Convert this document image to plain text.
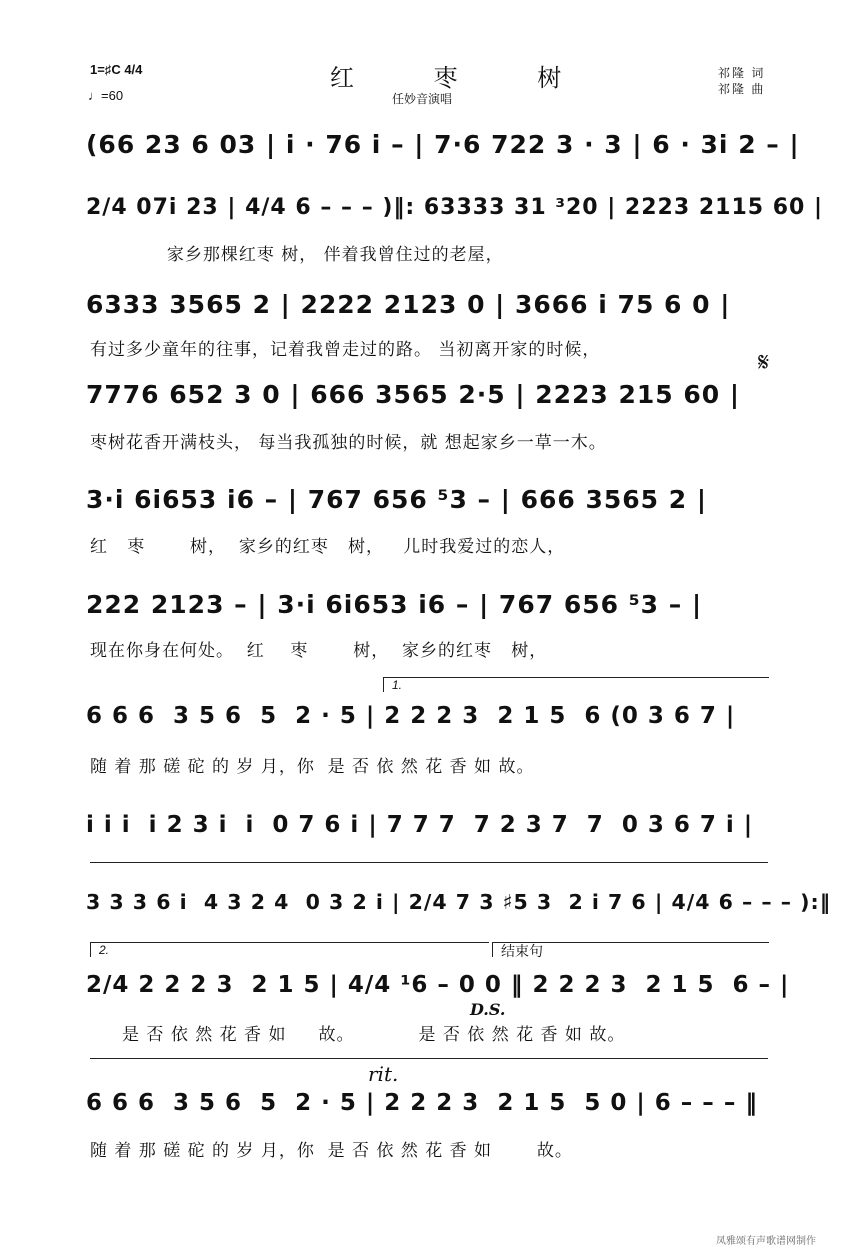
1=♯C 4/4
♩=60
红 枣 树
任妙音演唱
祁隆 词
祁隆 曲
(66 23 6 03 | i · 76 i – | 7·6 722 3 · 3 | 6 · 3i 2 – |
2/4 07i 23 | 4/4 6 – – – )‖: 63333 31 ³20 | 2223 2115 60 |
家乡那棵红枣 树， 伴着我曾住过的老屋，
6333 3565 2 | 2222 2123 0 | 3666 i 75 6 0 |
有过多少童年的往事，记着我曾走过的路。 当初离开家的时候，	𝄋
7776 652 3 0 | 666 3565 2·5 | 2223 215 60 |
枣树花香开满枝头， 每当我孤独的时候，就 想起家乡一草一木。
3·i 6i653 i6 – | 767 656 ⁵3 – | 666 3565 2 |
红   枣       树，  家乡的红枣   树，   儿时我爱过的恋人，
222 2123 – | 3·i 6i653 i6 – | 767 656 ⁵3 – |
现在你身在何处。  红    枣       树，  家乡的红枣   树，
1.
6 6 6  3 5 6  5  2 · 5 | 2 2 2 3  2 1 5  6 (0 3 6 7 |
随 着 那 磋 砣 的 岁 月，你  是 否 依 然 花 香 如 故。
i i i  i 2 3 i  i  0 7 6 i | 7 7 7  7 2 3 7  7  0 3 6 7 i |
3 3 3 6 i  4 3 2 4  0 3 2 i | 2/4 7 3 ♯5 3  2 i 7 6 | 4/4 6 – – – ):‖
2.	结束句
2/4 2 2 2 3  2 1 5 | 4/4 ¹6 – 0 0 ‖ 2 2 2 3  2 1 5  6 – |
是 否 依 然 花 香 如     故。          是 否 依 然 花 香 如 故。
D.S.
rit.
6 6 6  3 5 6  5  2 · 5 | 2 2 2 3  2 1 5  5 0 | 6 – – – ‖
随 着 那 磋 砣 的 岁 月，你  是 否 依 然 花 香 如       故。
凤雅颂有声歌谱网制作
